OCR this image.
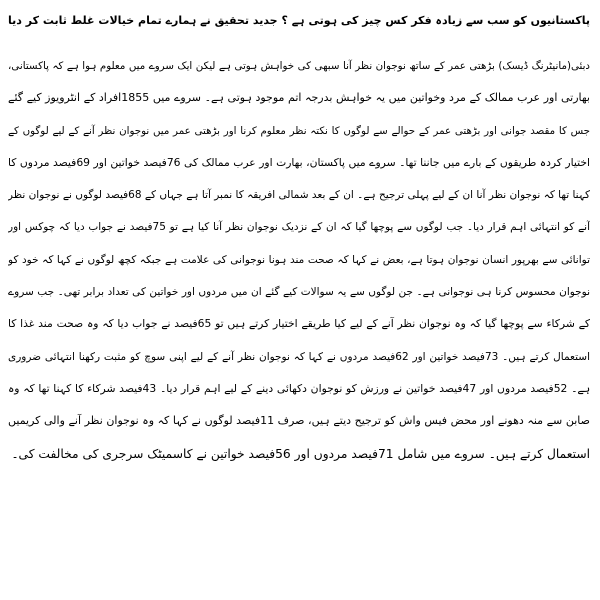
پاکستانیوں کو سب سے زیادہ فکر کس چیز کی ہوتی ہے ؟ جدید تحقیق نے ہمارے تمام خیالات غلط ثابت کر دیا
دبئی(مانیٹرنگ ڈیسک) بڑھتی عمر کے ساتھ نوجوان نظر آنا سبھی کی خواہش ہوتی ہے لیکن ایک سروے میں معلوم ہوا ہے کہ پاکستانی،
بھارتی اور عرب ممالک کے مرد وخواتین میں یہ خواہش بدرجہ اتم موجود ہوتی ہے۔ سروے میں 1855افراد کے انٹرویوز کیے گئے
جس کا مقصد جوانی اور بڑھتی عمر کے حوالے سے لوگوں کا نکتہ نظر معلوم کرنا اور بڑھتی عمر میں نوجوان نظر آنے کے لیے لوگوں کے
اختیار کردہ طریقوں کے بارے میں جاننا تھا۔ سروے میں پاکستان، بھارت اور عرب ممالک کی 76فیصد خواتین اور 69فیصد مردوں کا
کہنا تھا کہ نوجوان نظر آنا ان کے لیے پہلی ترجیح ہے۔ ان کے بعد شمالی افریقہ کا نمبر آتا ہے جہاں کے 68فیصد لوگوں نے نوجوان نظر
آنے کو انتہائی اہم قرار دیا۔ جب لوگوں سے پوچھا گیا کہ ان کے نزدیک نوجوان نظر آنا کیا ہے تو 75فیصد نے جواب دیا کہ چوکس اور
توانائی سے بھرپور انسان نوجوان ہوتا ہے، بعض نے کہا کہ صحت مند ہونا نوجوانی کی علامت ہے جبکہ کچھ لوگوں نے کہا کہ خود کو
نوجوان محسوس کرنا ہی نوجوانی ہے۔ جن لوگوں سے یہ سوالات کیے گئے ان میں مردوں اور خواتین کی تعداد برابر تھی۔ جب سروے
کے شرکاء سے پوچھا گیا کہ وہ نوجوان نظر آنے کے لیے کیا طریقے اختیار کرتے ہیں تو 65فیصد نے جواب دیا کہ وہ صحت مند غذا کا
استعمال کرتے ہیں۔ 73فیصد خواتین اور 62فیصد مردوں نے کہا کہ نوجوان نظر آنے کے لیے اپنی سوچ کو مثبت رکھنا انتہائی ضروری
ہے۔ 52فیصد مردوں اور 47فیصد خواتین نے ورزش کو نوجوان دکھائی دینے کے لیے اہم قرار دیا۔ 43فیصد شرکاء کا کہنا تھا کہ وہ
صابن سے منہ دھونے اور محض فیس واش کو ترجیح دیتے ہیں، صرف 11فیصد لوگوں نے کہا کہ وہ نوجوان نظر آنے والی کریمیں
استعمال کرتے ہیں۔ سروے میں شامل 71فیصد مردوں اور 56فیصد خواتین نے کاسمیٹک سرجری کی مخالفت کی۔
